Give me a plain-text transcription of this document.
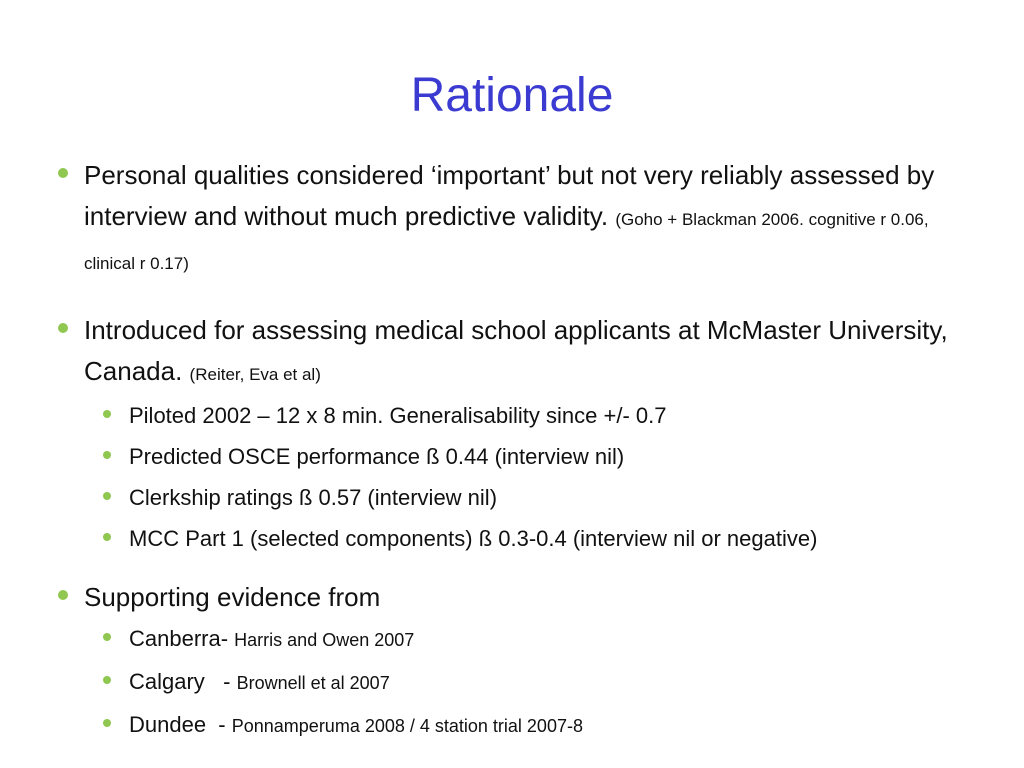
Rationale
Personal qualities considered ‘important’ but not very reliably assessed by interview and without much predictive validity. (Goho + Blackman 2006. cognitive r 0.06, clinical r 0.17)
Introduced for assessing medical school applicants at McMaster University, Canada. (Reiter, Eva et al)
Piloted 2002 – 12 x 8 min. Generalisability since +/- 0.7
Predicted OSCE performance ß 0.44 (interview nil)
Clerkship ratings ß 0.57 (interview nil)
MCC Part 1 (selected components) ß 0.3-0.4 (interview nil or negative)
Supporting evidence from
Canberra- Harris and Owen 2007
Calgary   - Brownell et al 2007
Dundee  - Ponnamperuma 2008 / 4 station trial 2007-8
